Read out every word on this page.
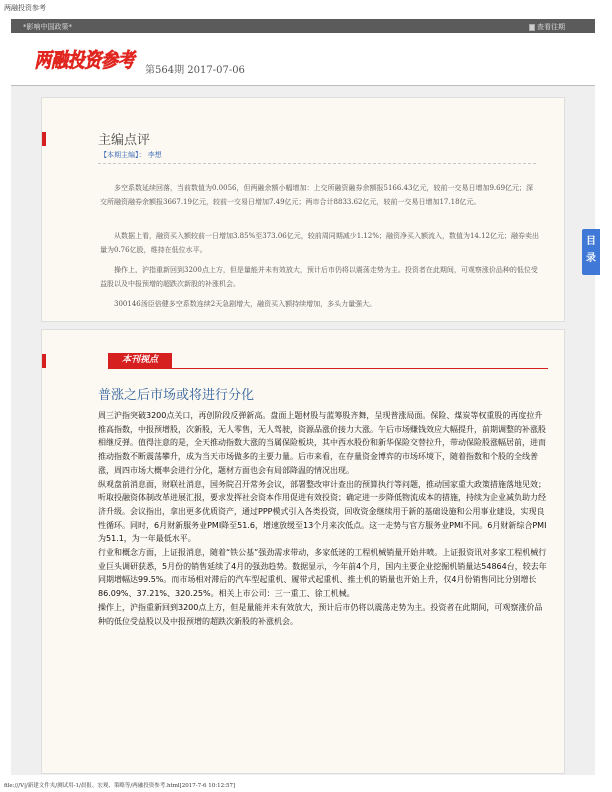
两融投资参考
*影响中国政策*	查看往期
两融投资参考
第564期 2017-07-06
主编点评
【本期主编】： 李想

多空系数延续回落，当前数值为0.0056，但两融余额小幅增加：上交所融资融券余额报5166.43亿元，较前一交易日增加9.69亿元；深交所融资融券余额报3667.19亿元，较前一交易日增加7.49亿元；两市合计8833.62亿元，较前一交易日增加17.18亿元。

从数据上看，融资买入额较前一日增加3.85%至373.06亿元，较前周同期减少1.12%；融资净买入额流入，数值为14.12亿元；融券卖出量为0.76亿股，维持在低位水平。

操作上，沪指重新回到3200点上方，但是量能并未有效放大，预计后市仍将以震荡走势为主。投资者在此期间，可观察涨价品种的低位受益股以及中报预增的超跌次新股的补涨机会。

300146汤臣倍健多空系数连续2天急剧增大，融资买入额持续增加，多头力量强大。

本刊视点
普涨之后市场或将进行分化

周三沪指突破3200点关口，再创阶段反弹新高。盘面上题材股与蓝筹股齐舞，呈现普涨局面。保险、煤炭等权重股的再度拉升推高指数，中报预增股，次新股，无人零售，无人驾驶，资源品涨价接力大涨。午后市场赚钱效应大幅提升，前期调整的补涨股相继反弹。值得注意的是，全天推动指数大涨的当属保险板块，其中西水股份和新华保险交替拉升，带动保险股涨幅居前，进而推动指数不断震荡攀升，成为当天市场做多的主要力量。后市来看，在存量资金博弈的市场环境下，随着指数和个股的全线普涨，周四市场大概率会进行分化，题材方面也会有局部降温的情况出现。

纵观盘前消息面，财联社消息，国务院召开常务会议，部署整改审计查出的预算执行等问题，推动国家重大政策措施落地见效；听取投融资体制改革进展汇报，要求发挥社会资本作用促进有效投资；确定进一步降低物流成本的措施，持续为企业减负助力经济升级。会议指出，拿出更多优质资产，通过PPP模式引入各类投资，回收资金继续用于新的基础设施和公用事业建设，实现良性循环。同时，6月财新服务业PMI降至51.6，增速放缓至13个月来次低点。这一走势与官方服务业PMI不同。6月财新综合PMI为51.1，为一年最低水平。

行业和概念方面，上证报消息，随着“铁公基”强劲需求带动，多家低迷的工程机械销量开始井喷。上证报资讯对多家工程机械行业巨头调研获悉，5月份的销售延续了4月的强劲趋势。数据显示，今年前4个月，国内主要企业挖掘机销量达54864台，较去年同期增幅达99.5%。而市场相对滞后的汽车型起重机、履带式起重机、推土机的销量也开始上升，仅4月份销售同比分别增长86.09%、37.21%、320.25%。相关上市公司：三一重工、徐工机械。

操作上，沪指重新回到3200点上方，但是量能并未有效放大，预计后市仍将以震荡走势为主。投资者在此期间，可观察涨价品种的低位受益股以及中报预增的超跌次新股的补涨机会。

目
录
file:///V|/新建文件夹/测试用-1/晨报、宏观、策略等/两融投资参考.html[2017-7-6 10:12:57]
